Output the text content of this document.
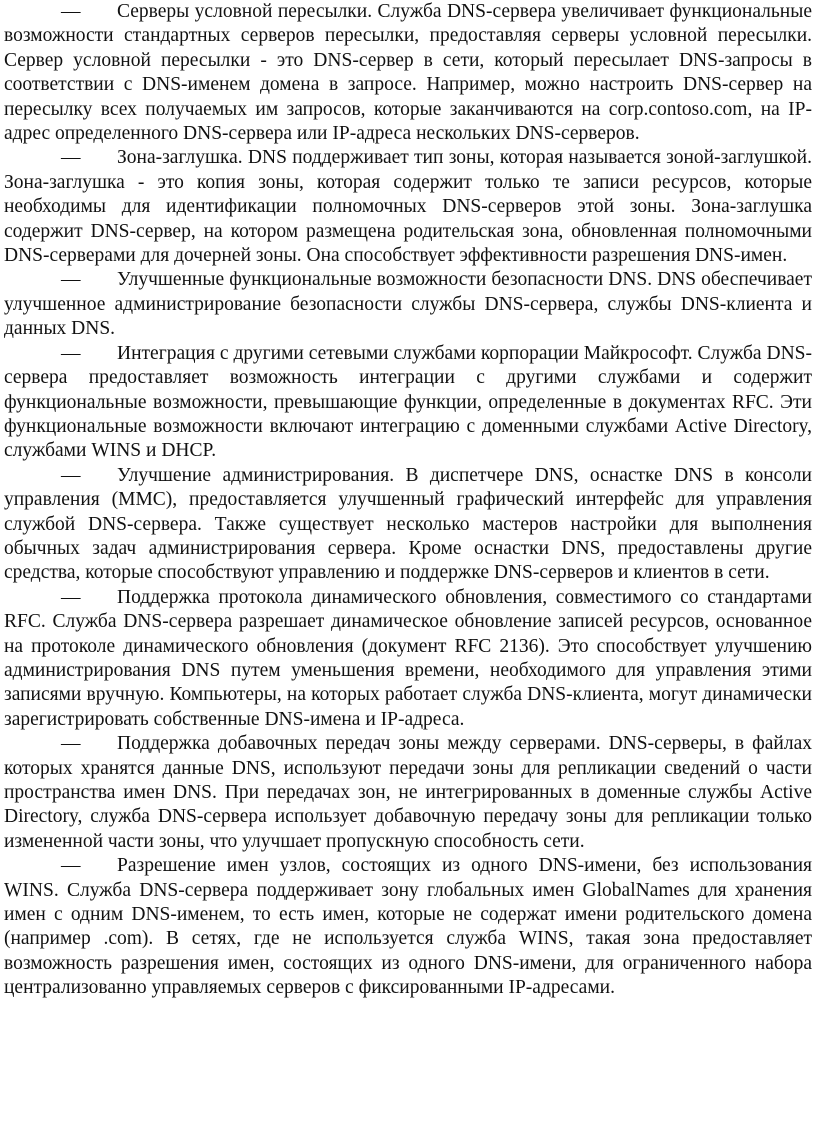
— Серверы условной пересылки. Служба DNS-сервера увеличивает функциональные возможности стандартных серверов пересылки, предоставляя серверы условной пересылки. Сервер условной пересылки - это DNS-сервер в сети, который пересылает DNS-запросы в соответствии с DNS-именем домена в запросе. Например, можно настроить DNS-сервер на пересылку всех получаемых им запросов, которые заканчиваются на corp.contoso.com, на IP-адрес определенного DNS-сервера или IP-адреса нескольких DNS-серверов.

— Зона-заглушка. DNS поддерживает тип зоны, которая называется зоной-заглушкой. Зона-заглушка - это копия зоны, которая содержит только те записи ресурсов, которые необходимы для идентификации полномочных DNS-серверов этой зоны. Зона-заглушка содержит DNS-сервер, на котором размещена родительская зона, обновленная полномочными DNS-серверами для дочерней зоны. Она способствует эффективности разрешения DNS-имен.

— Улучшенные функциональные возможности безопасности DNS. DNS обеспечивает улучшенное администрирование безопасности службы DNS-сервера, службы DNS-клиента и данных DNS.

— Интеграция с другими сетевыми службами корпорации Майкрософт. Служба DNS-сервера предоставляет возможность интеграции с другими службами и содержит функциональные возможности, превышающие функции, определенные в документах RFC. Эти функциональные возможности включают интеграцию с доменными службами Active Directory, службами WINS и DHCP.

— Улучшение администрирования. В диспетчере DNS, оснастке DNS в консоли управления (MMC), предоставляется улучшенный графический интерфейс для управления службой DNS-сервера. Также существует несколько мастеров настройки для выполнения обычных задач администрирования сервера. Кроме оснастки DNS, предоставлены другие средства, которые способствуют управлению и поддержке DNS-серверов и клиентов в сети.

— Поддержка протокола динамического обновления, совместимого со стандартами RFC. Служба DNS-сервера разрешает динамическое обновление записей ресурсов, основанное на протоколе динамического обновления (документ RFC 2136). Это способствует улучшению администрирования DNS путем уменьшения времени, необходимого для управления этими записями вручную. Компьютеры, на которых работает служба DNS-клиента, могут динамически зарегистрировать собственные DNS-имена и IP-адреса.

— Поддержка добавочных передач зоны между серверами. DNS-серверы, в файлах которых хранятся данные DNS, используют передачи зоны для репликации сведений о части пространства имен DNS. При передачах зон, не интегрированных в доменные службы Active Directory, служба DNS-сервера использует добавочную передачу зоны для репликации только измененной части зоны, что улучшает пропускную способность сети.

— Разрешение имен узлов, состоящих из одного DNS-имени, без использования WINS. Служба DNS-сервера поддерживает зону глобальных имен GlobalNames для хранения имен с одним DNS-именем, то есть имен, которые не содержат имени родительского домена (например .com). В сетях, где не используется служба WINS, такая зона предоставляет возможность разрешения имен, состоящих из одного DNS-имени, для ограниченного набора централизованно управляемых серверов с фиксированными IP-адресами.
